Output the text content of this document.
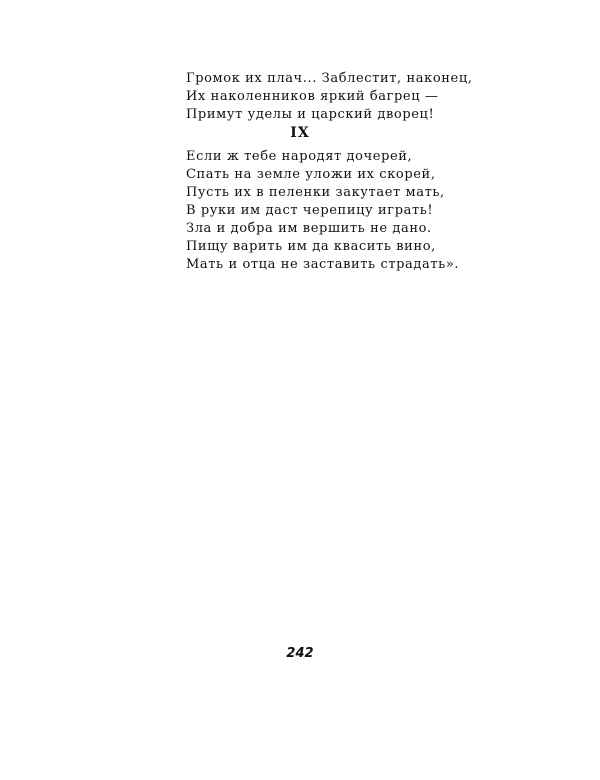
Громок их плач... Заблестит, наконец,
Их наколенников яркий багрец —
Примут уделы и царский дворец!
IX
Если ж тебе народят дочерей,
Спать на земле уложи их скорей,
Пусть их в пеленки закутает мать,
В руки им даст черепицу играть!
Зла и добра им вершить не дано.
Пищу варить им да квасить вино,
Мать и отца не заставить страдать».
242
